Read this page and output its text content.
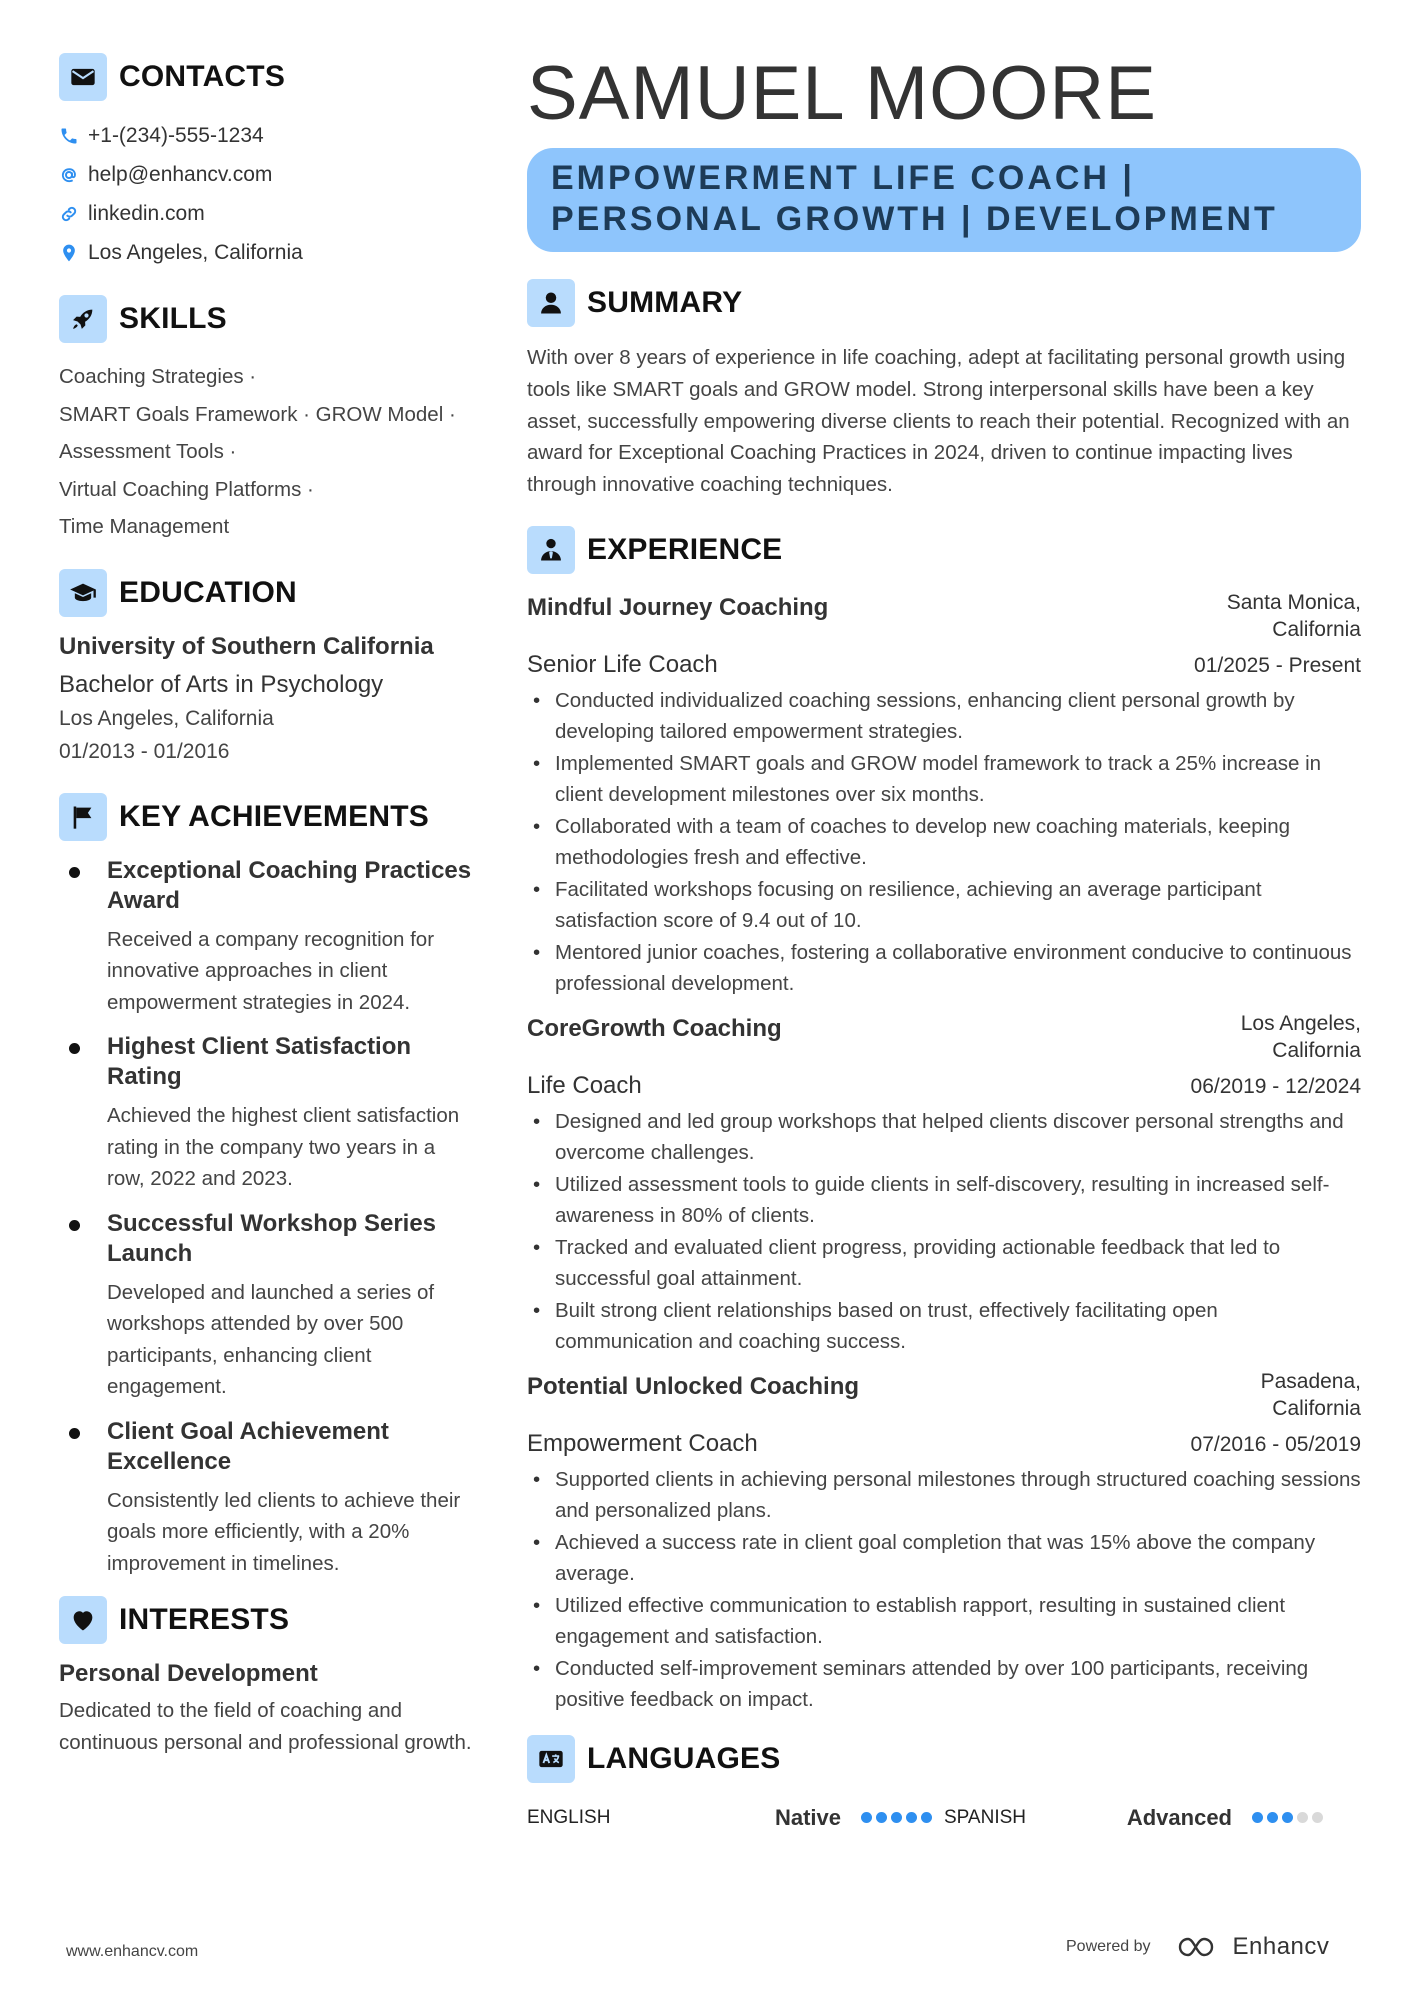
CONTACTS
+1-(234)-555-1234
help@enhancv.com
linkedin.com
Los Angeles, California
SKILLS
Coaching Strategies ·
SMART Goals Framework · GROW Model ·
Assessment Tools ·
Virtual Coaching Platforms ·
Time Management
EDUCATION
University of Southern California
Bachelor of Arts in Psychology
Los Angeles, California
01/2013 - 01/2016
KEY ACHIEVEMENTS
Exceptional Coaching Practices Award
Received a company recognition for innovative approaches in client empowerment strategies in 2024.
Highest Client Satisfaction Rating
Achieved the highest client satisfaction rating in the company two years in a row, 2022 and 2023.
Successful Workshop Series Launch
Developed and launched a series of workshops attended by over 500 participants, enhancing client engagement.
Client Goal Achievement Excellence
Consistently led clients to achieve their goals more efficiently, with a 20% improvement in timelines.
INTERESTS
Personal Development
Dedicated to the field of coaching and continuous personal and professional growth.
SAMUEL MOORE
EMPOWERMENT LIFE COACH | PERSONAL GROWTH | DEVELOPMENT
SUMMARY

With over 8 years of experience in life coaching, adept at facilitating personal growth using tools like SMART goals and GROW model. Strong interpersonal skills have been a key asset, successfully empowering diverse clients to reach their potential. Recognized with an award for Exceptional Coaching Practices in 2024, driven to continue impacting lives through innovative coaching techniques.

EXPERIENCE
Mindful Journey Coaching	Santa Monica,
California
Senior Life Coach	01/2025 - Present
• Conducted individualized coaching sessions, enhancing client personal growth by developing tailored empowerment strategies.
• Implemented SMART goals and GROW model framework to track a 25% increase in client development milestones over six months.
• Collaborated with a team of coaches to develop new coaching materials, keeping methodologies fresh and effective.
• Facilitated workshops focusing on resilience, achieving an average participant satisfaction score of 9.4 out of 10.
• Mentored junior coaches, fostering a collaborative environment conducive to continuous professional development.
CoreGrowth Coaching	Los Angeles,
California
Life Coach	06/2019 - 12/2024
• Designed and led group workshops that helped clients discover personal strengths and overcome challenges.
• Utilized assessment tools to guide clients in self-discovery, resulting in increased self-awareness in 80% of clients.
• Tracked and evaluated client progress, providing actionable feedback that led to successful goal attainment.
• Built strong client relationships based on trust, effectively facilitating open communication and coaching success.
Potential Unlocked Coaching	Pasadena,
California
Empowerment Coach	07/2016 - 05/2019
• Supported clients in achieving personal milestones through structured coaching sessions and personalized plans.
• Achieved a success rate in client goal completion that was 15% above the company average.
• Utilized effective communication to establish rapport, resulting in sustained client engagement and satisfaction.
• Conducted self-improvement seminars attended by over 100 participants, receiving positive feedback on impact.
LANGUAGES
ENGLISH	Native	SPANISH	Advanced
www.enhancv.com	Powered by	Enhancv
